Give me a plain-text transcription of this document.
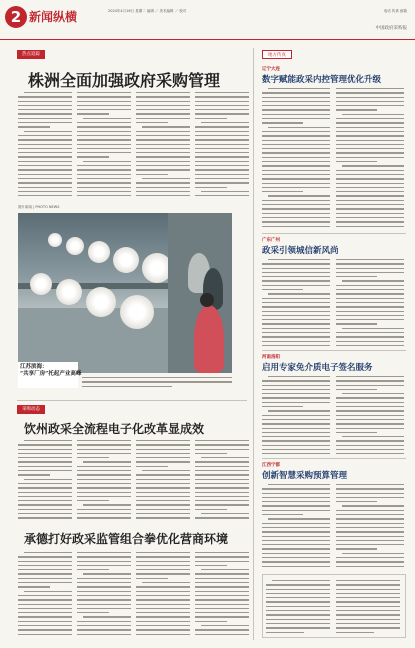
2 新闻纵横	2024年4月16日 星期二 编辑 ／ 美术编辑 ／ 校对	电话 传真 邮箱
中国政府采购报
热点追踪
株洲全面加强政府采购管理
图片新闻 | PHOTO NEWS
江苏滨海：
“共享厂房”托起产业高峰
采购动态
饮州政采全流程电子化改革显成效
承德打好政采监管组合拳优化营商环境
地方传真
辽宁大连
数字赋能政采内控管理优化升级
广东广州
政采引领城信新风尚
河南洛阳
启用专家免介质电子签名服务
江西宁都
创新智慧采购预算管理
